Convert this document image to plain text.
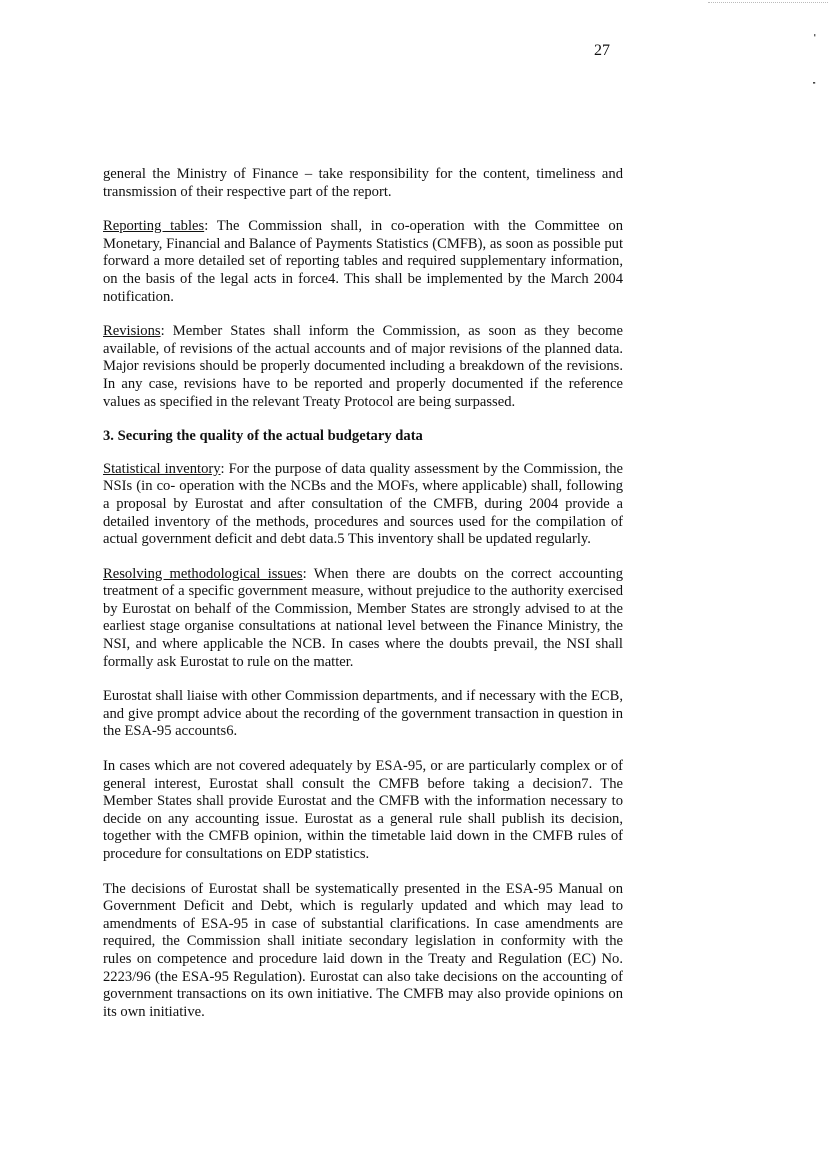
27

general the Ministry of Finance – take responsibility for the content, timeliness and transmission of their respective part of the report.

Reporting tables: The Commission shall, in co-operation with the Committee on Monetary, Financial and Balance of Payments Statistics (CMFB), as soon as possible put forward a more detailed set of reporting tables and required supplementary information, on the basis of the legal acts in force4. This shall be implemented by the March 2004 notification.

Revisions: Member States shall inform the Commission, as soon as they become available, of revisions of the actual accounts and of major revisions of the planned data. Major revisions should be properly documented including a breakdown of the revisions. In any case, revisions have to be reported and properly documented if the reference values as specified in the relevant Treaty Protocol are being surpassed.

3. Securing the quality of the actual budgetary data

Statistical inventory: For the purpose of data quality assessment by the Commission, the NSIs (in co- operation with the NCBs and the MOFs, where applicable) shall, following a proposal by Eurostat and after consultation of the CMFB, during 2004 provide a detailed inventory of the methods, procedures and sources used for the compilation of actual government deficit and debt data.5 This inventory shall be updated regularly.

Resolving methodological issues: When there are doubts on the correct accounting treatment of a specific government measure, without prejudice to the authority exercised by Eurostat on behalf of the Commission, Member States are strongly advised to at the earliest stage organise consultations at national level between the Finance Ministry, the NSI, and where applicable the NCB. In cases where the doubts prevail, the NSI shall formally ask Eurostat to rule on the matter.

Eurostat shall liaise with other Commission departments, and if necessary with the ECB, and give prompt advice about the recording of the government transaction in question in the ESA-95 accounts6.

In cases which are not covered adequately by ESA-95, or are particularly complex or of general interest, Eurostat shall consult the CMFB before taking a decision7. The Member States shall provide Eurostat and the CMFB with the information necessary to decide on any accounting issue. Eurostat as a general rule shall publish its decision, together with the CMFB opinion, within the timetable laid down in the CMFB rules of procedure for consultations on EDP statistics.

The decisions of Eurostat shall be systematically presented in the ESA-95 Manual on Government Deficit and Debt, which is regularly updated and which may lead to amendments of ESA-95 in case of substantial clarifications. In case amendments are required, the Commission shall initiate secondary legislation in conformity with the rules on competence and procedure laid down in the Treaty and Regulation (EC) No. 2223/96 (the ESA-95 Regulation). Eurostat can also take decisions on the accounting of government transactions on its own initiative. The CMFB may also provide opinions on its own initiative.
